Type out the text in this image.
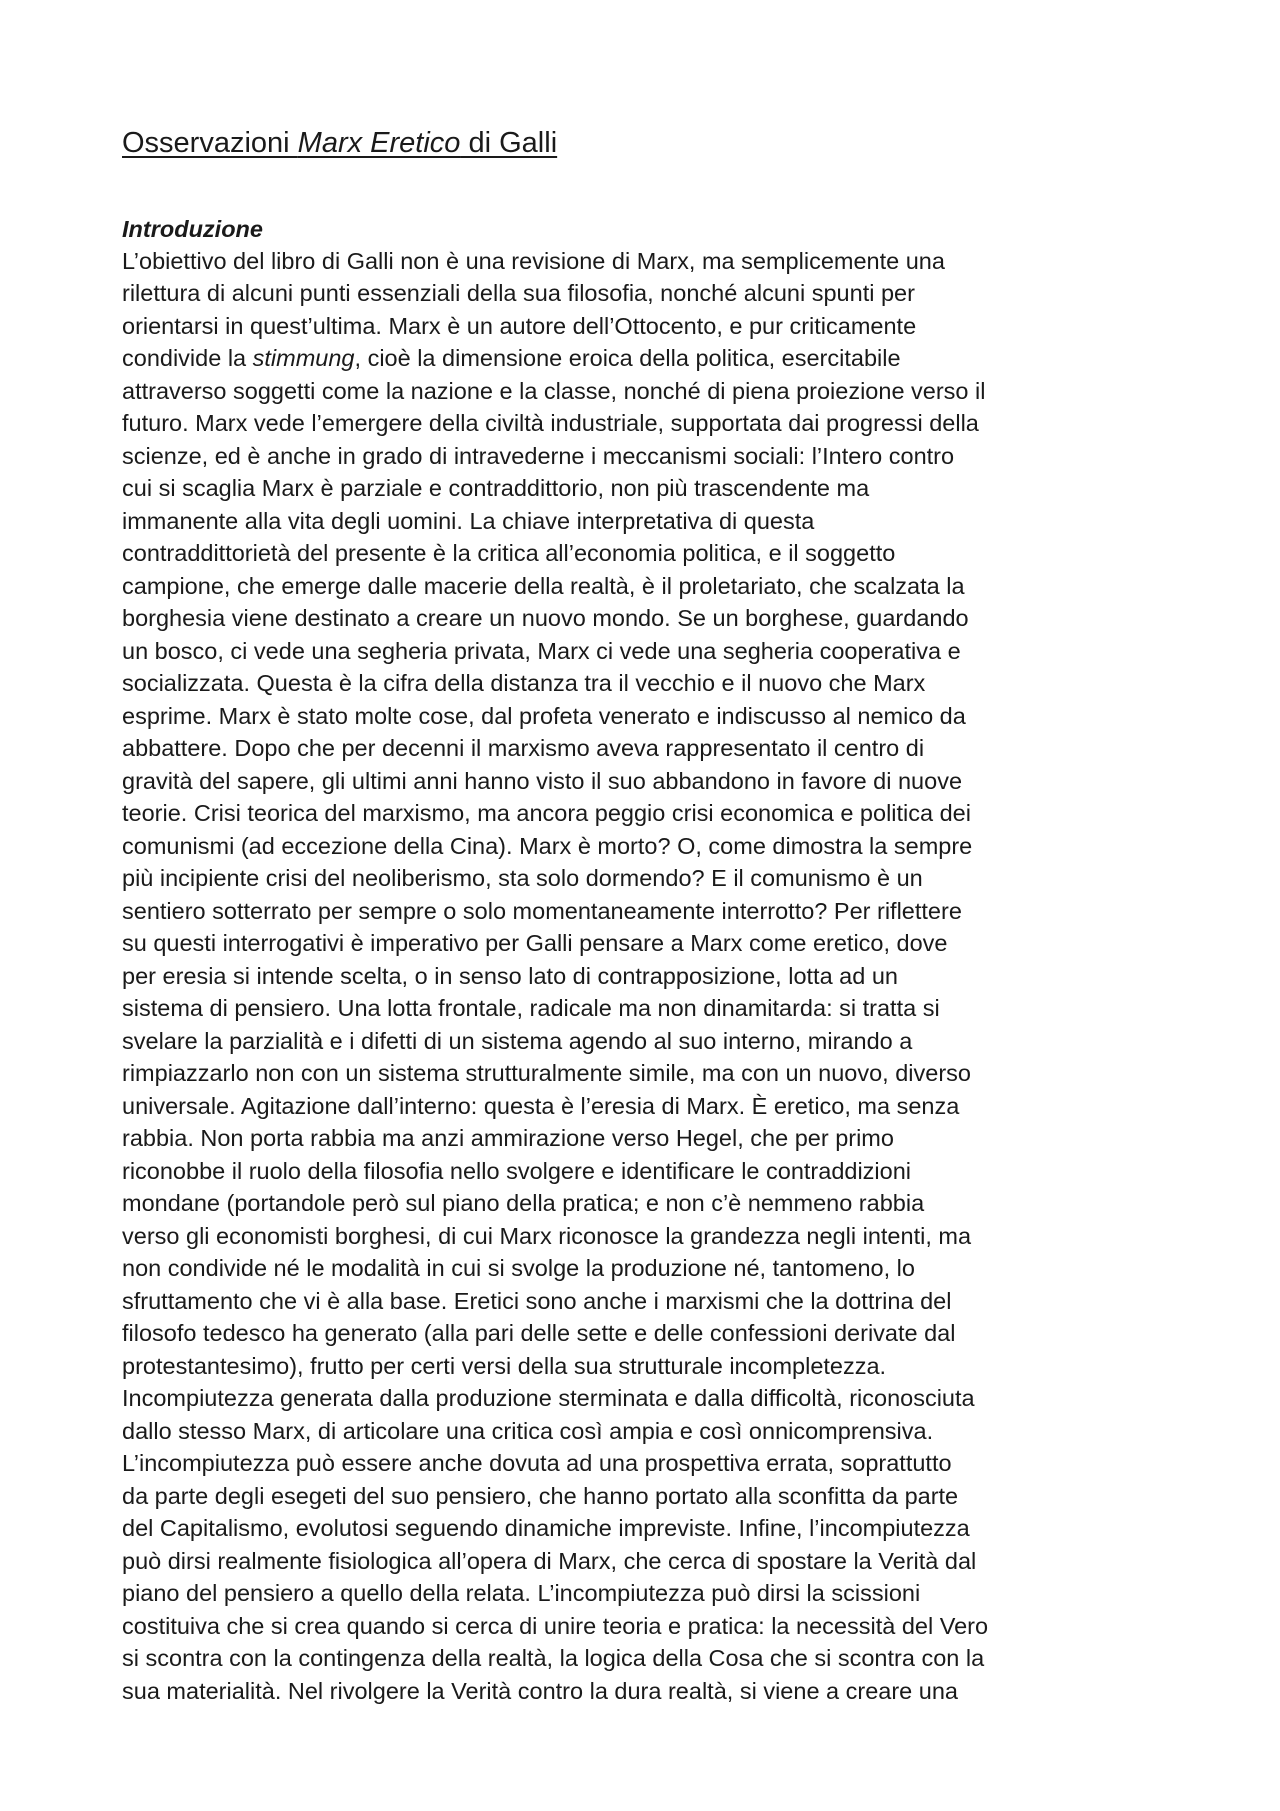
Osservazioni Marx Eretico di Galli
Introduzione
L’obiettivo del libro di Galli non è una revisione di Marx, ma semplicemente una
rilettura di alcuni punti essenziali della sua filosofia, nonché alcuni spunti per
orientarsi in quest’ultima. Marx è un autore dell’Ottocento, e pur criticamente
condivide la stimmung, cioè la dimensione eroica della politica, esercitabile
attraverso soggetti come la nazione e la classe, nonché di piena proiezione verso il
futuro. Marx vede l’emergere della civiltà industriale, supportata dai progressi della
scienze, ed è anche in grado di intravederne i meccanismi sociali: l’Intero contro
cui si scaglia Marx è parziale e contraddittorio, non più trascendente ma
immanente alla vita degli uomini. La chiave interpretativa di questa
contraddittorietà del presente è la critica all’economia politica, e il soggetto
campione, che emerge dalle macerie della realtà, è il proletariato, che scalzata la
borghesia viene destinato a creare un nuovo mondo. Se un borghese, guardando
un bosco, ci vede una segheria privata, Marx ci vede una segheria cooperativa e
socializzata. Questa è la cifra della distanza tra il vecchio e il nuovo che Marx
esprime. Marx è stato molte cose, dal profeta venerato e indiscusso al nemico da
abbattere. Dopo che per decenni il marxismo aveva rappresentato il centro di
gravità del sapere, gli ultimi anni hanno visto il suo abbandono in favore di nuove
teorie. Crisi teorica del marxismo, ma ancora peggio crisi economica e politica dei
comunismi (ad eccezione della Cina). Marx è morto? O, come dimostra la sempre
più incipiente crisi del neoliberismo, sta solo dormendo? E il comunismo è un
sentiero sotterrato per sempre o solo momentaneamente interrotto? Per riflettere
su questi interrogativi è imperativo per Galli pensare a Marx come eretico, dove
per eresia si intende scelta, o in senso lato di contrapposizione, lotta ad un
sistema di pensiero. Una lotta frontale, radicale ma non dinamitarda: si tratta si
svelare la parzialità e i difetti di un sistema agendo al suo interno, mirando a
rimpiazzarlo non con un sistema strutturalmente simile, ma con un nuovo, diverso
universale. Agitazione dall’interno: questa è l’eresia di Marx. È eretico, ma senza
rabbia. Non porta rabbia ma anzi ammirazione verso Hegel, che per primo
riconobbe il ruolo della filosofia nello svolgere e identificare le contraddizioni
mondane (portandole però sul piano della pratica; e non c’è nemmeno rabbia
verso gli economisti borghesi, di cui Marx riconosce la grandezza negli intenti, ma
non condivide né le modalità in cui si svolge la produzione né, tantomeno, lo
sfruttamento che vi è alla base. Eretici sono anche i marxismi che la dottrina del
filosofo tedesco ha generato (alla pari delle sette e delle confessioni derivate dal
protestantesimo), frutto per certi versi della sua strutturale incompletezza.
Incompiutezza generata dalla produzione sterminata e dalla difficoltà, riconosciuta
dallo stesso Marx, di articolare una critica così ampia e così onnicomprensiva.
L’incompiutezza può essere anche dovuta ad una prospettiva errata, soprattutto
da parte degli esegeti del suo pensiero, che hanno portato alla sconfitta da parte
del Capitalismo, evolutosi seguendo dinamiche impreviste. Infine, l’incompiutezza
può dirsi realmente fisiologica all’opera di Marx, che cerca di spostare la Verità dal
piano del pensiero a quello della relata. L’incompiutezza può dirsi la scissioni
costituiva che si crea quando si cerca di unire teoria e pratica: la necessità del Vero
si scontra con la contingenza della realtà, la logica della Cosa che si scontra con la
sua materialità. Nel rivolgere la Verità contro la dura realtà, si viene a creare una
